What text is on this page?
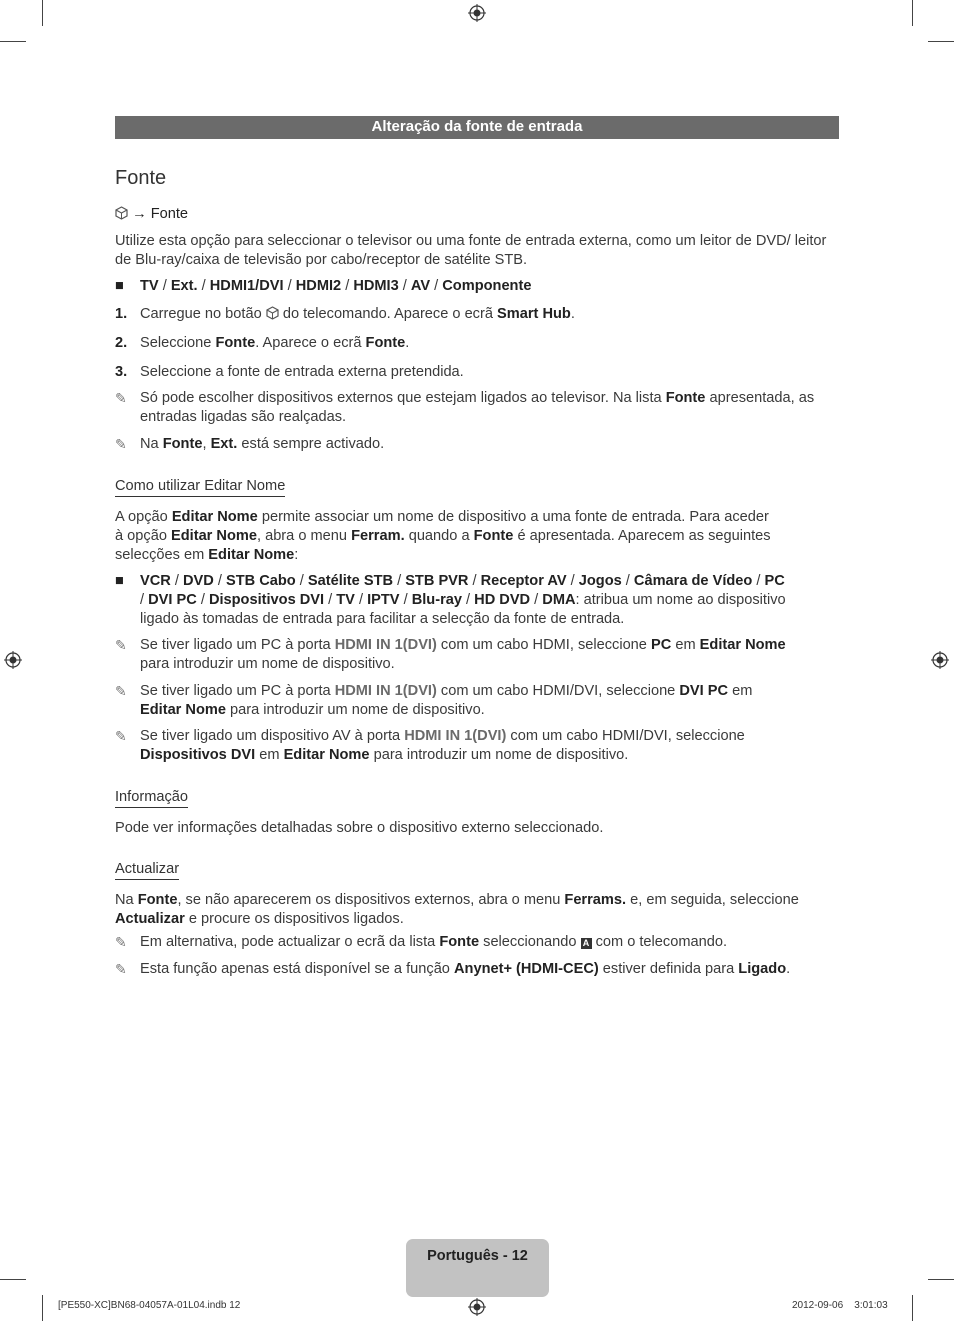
Alteração da fonte de entrada
Fonte
→ Fonte
Utilize esta opção para seleccionar o televisor ou uma fonte de entrada externa, como um leitor de DVD/ leitor de Blu-ray/caixa de televisão por cabo/receptor de satélite STB.
■	TV / Ext. / HDMI1/DVI / HDMI2 / HDMI3 / AV / Componente
1. Carregue no botão do telecomando. Aparece o ecrã Smart Hub.
2. Seleccione Fonte. Aparece o ecrã Fonte.
3. Seleccione a fonte de entrada externa pretendida.
✎ Só pode escolher dispositivos externos que estejam ligados ao televisor. Na lista Fonte apresentada, as entradas ligadas são realçadas.
✎ Na Fonte, Ext. está sempre activado.
Como utilizar Editar Nome
A opção Editar Nome permite associar um nome de dispositivo a uma fonte de entrada. Para aceder
à opção Editar Nome, abra o menu Ferram. quando a Fonte é apresentada. Aparecem as seguintes
selecções em Editar Nome:
■	VCR / DVD / STB Cabo / Satélite STB / STB PVR / Receptor AV / Jogos / Câmara de Vídeo / PC
/ DVI PC / Dispositivos DVI / TV / IPTV / Blu-ray / HD DVD / DMA: atribua um nome ao dispositivo
ligado às tomadas de entrada para facilitar a selecção da fonte de entrada.
✎ Se tiver ligado um PC à porta HDMI IN 1(DVI) com um cabo HDMI, seleccione PC em Editar Nome
para introduzir um nome de dispositivo.
✎ Se tiver ligado um PC à porta HDMI IN 1(DVI) com um cabo HDMI/DVI, seleccione DVI PC em
Editar Nome para introduzir um nome de dispositivo.
✎ Se tiver ligado um dispositivo AV à porta HDMI IN 1(DVI) com um cabo HDMI/DVI, seleccione
Dispositivos DVI em Editar Nome para introduzir um nome de dispositivo.
Informação
Pode ver informações detalhadas sobre o dispositivo externo seleccionado.
Actualizar
Na Fonte, se não aparecerem os dispositivos externos, abra o menu Ferrams. e, em seguida, seleccione
Actualizar e procure os dispositivos ligados.
✎ Em alternativa, pode actualizar o ecrã da lista Fonte seleccionando A com o telecomando.
✎ Esta função apenas está disponível se a função Anynet+ (HDMI-CEC) estiver definida para Ligado.
Português - 12
[PE550-XC]BN68-04057A-01L04.indb 12	2012-09-06    3:01:03
